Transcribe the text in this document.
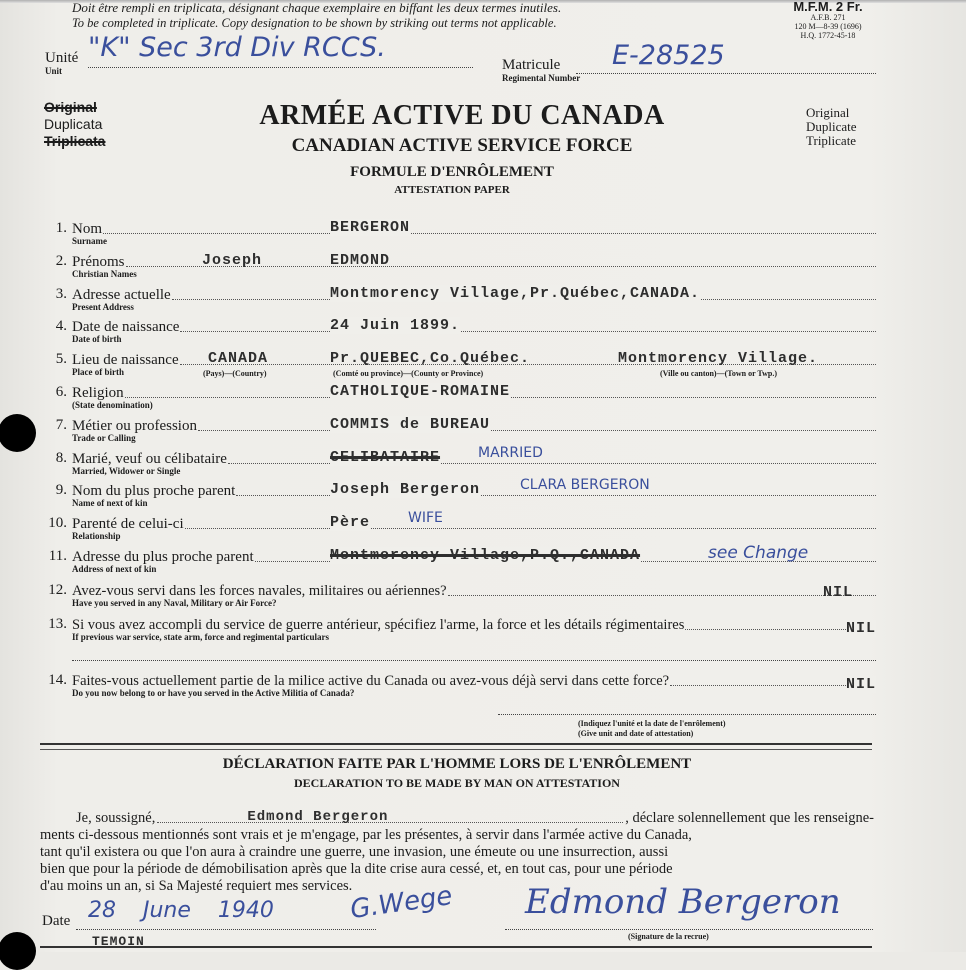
Doit être rempli en triplicata, désignant chaque exemplaire en biffant les deux termes inutiles.
To be completed in triplicate. Copy designation to be shown by striking out terms not applicable.
M.F.M. 2 Fr.
A.F.B. 271
120 M—8-39 (1696)
H.Q. 1772-45-18
Unité
Unit
"K" Sec 3rd Div RCCS.
Matricule
Regimental Number
E-28525
Original
Duplicata
Triplicata
Original
Duplicate
Triplicate
ARMÉE ACTIVE DU CANADA
CANADIAN ACTIVE SERVICE FORCE
FORMULE D'ENRÔLEMENT
ATTESTATION PAPER
1. Nom
Surname
BERGERON
2. Prénoms
Christian Names
Joseph	EDMOND
3. Adresse actuelle
Present Address
Montmorency Village,Pr.Québec,CANADA.
4. Date de naissance
Date of birth
24 Juin 1899.
5. Lieu de naissance
Place of birth
CANADA
(Pays)—(Country)
Pr.QUEBEC,Co.Québec.
(Comté ou province)—(County or Province)
Montmorency Village.
(Ville ou canton)—(Town or Twp.)
6. Religion
(State denomination)
CATHOLIQUE-ROMAINE
7. Métier ou profession
Trade or Calling
COMMIS de BUREAU
8. Marié, veuf ou célibataire
Married, Widower or Single
CELIBATAIRE	MARRIED
9. Nom du plus proche parent
Name of next of kin
Joseph Bergeron	CLARA BERGERON
10. Parenté de celui-ci
Relationship
Père	WIFE
11. Adresse du plus proche parent
Address of next of kin
Montmorency Village,P.Q.,CANADA	see Change
12. Avez-vous servi dans les forces navales, militaires ou aériennes?
Have you served in any Naval, Military or Air Force?
NIL
13. Si vous avez accompli du service de guerre antérieur, spécifiez l'arme, la force et les détails régimentaires
If previous war service, state arm, force and regimental particulars	NIL
14. Faites-vous actuellement partie de la milice active du Canada ou avez-vous déjà servi dans cette force?
Do you now belong to or have you served in the Active Militia of Canada?	NIL
(Indiquez l'unité et la date de l'enrôlement)
(Give unit and date of attestation)
DÉCLARATION FAITE PAR L'HOMME LORS DE L'ENRÔLEMENT
DECLARATION TO BE MADE BY MAN ON ATTESTATION
Je, soussigné,	Edmond Bergeron	, déclare solennellement que les renseigne-
ments ci-dessous mentionnés sont vrais et je m'engage, par les présentes, à servir dans l'armée active du Canada,
tant qu'il existera ou que l'on aura à craindre une guerre, une invasion, une émeute ou une insurrection, aussi
bien que pour la période de démobilisation après que la dite crise aura cessé, et, en tout cas, pour une période
d'au moins un an, si Sa Majesté requiert mes services.
Date 28 June 1940	G.Wege Edmond Bergeron
(Signature de la recrue)
TEMOIN
